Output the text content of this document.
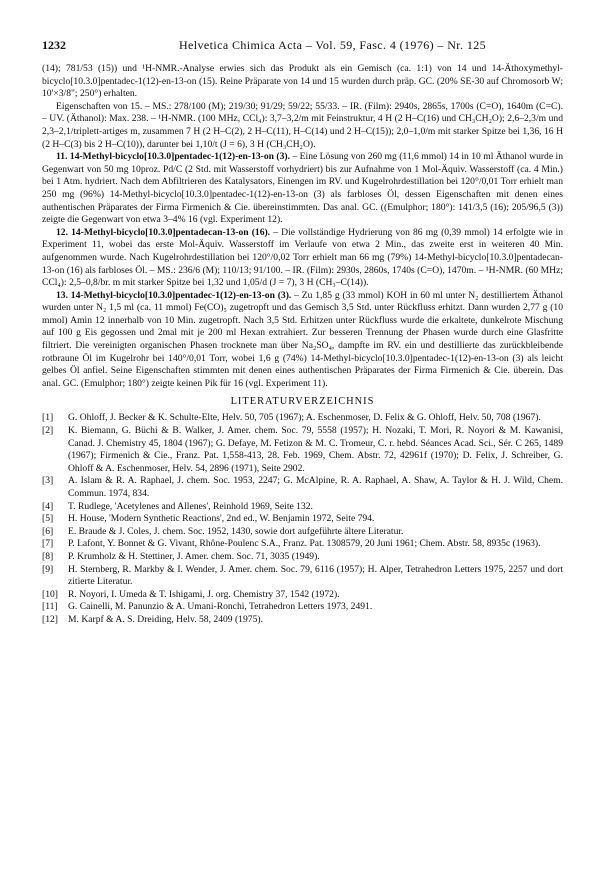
1232	Helvetica Chimica Acta – Vol. 59, Fasc. 4 (1976) – Nr. 125

(14); 781/53 (15)) und ¹H-NMR.-Analyse erwies sich das Produkt als ein Gemisch (ca. 1:1) von 14 und 14-Äthoxymethyl-bicyclo[10.3.0]pentadec-1(12)-en-13-on (15). Reine Präparate von 14 und 15 wurden durch präp. GC. (20% SE-30 auf Chromosorb W; 10'×3/8"; 250°) erhalten.

Eigenschaften von 15. – MS.: 278/100 (M); 219/30; 91/29; 59/22; 55/33. – IR. (Film): 2940s, 2865s, 1700s (C=O), 1640m (C=C). – UV. (Äthanol): Max. 238. – ¹H-NMR. (100 MHz, CCl₄): 3,7–3,2/m mit Feinstruktur, 4 H (2 H–C(16) und CH₃CH₂O); 2,6–2,3/m und 2,3–2,1/triplett-artiges m, zusammen 7 H (2 H–C(2), 2 H–C(11), H–C(14) und 2 H–C(15)); 2,0–1,0/m mit starker Spitze bei 1,36, 16 H (2 H–C(3) bis 2 H–C(10)), darunter bei 1,10/t (J = 6), 3 H (CH₃CH₂O).

11. 14-Methyl-bicyclo[10.3.0]pentadec-1(12)-en-13-on (3). – Eine Lösung von 260 mg (11,6 mmol) 14 in 10 ml Äthanol wurde in Gegenwart von 50 mg 10proz. Pd/C (2 Std. mit Wasserstoff vorhydriert) bis zur Aufnahme von 1 Mol-Äquiv. Wasserstoff (ca. 4 Min.) bei 1 Atm. hydriert. Nach dem Abfiltrieren des Katalysators, Einengen im RV. und Kugelrohrdestillation bei 120°/0,01 Torr erhielt man 250 mg (96%) 14-Methyl-bicyclo[10.3.0]pentadec-1(12)-en-13-on (3) als farbloses Öl, dessen Eigenschaften mit denen eines authentischen Präparates der Firma Firmenich & Cie. übereinstimmten. Das anal. GC. ((Emulphor; 180°): 141/3,5 (16); 205/96,5 (3)) zeigte die Gegenwart von etwa 3–4% 16 (vgl. Experiment 12).

12. 14-Methyl-bicyclo[10.3.0]pentadecan-13-on (16). – Die vollständige Hydrierung von 86 mg (0,39 mmol) 14 erfolgte wie in Experiment 11, wobei das erste Mol-Äquiv. Wasserstoff im Verlaufe von etwa 2 Min., das zweite erst in weiteren 40 Min. aufgenommen wurde. Nach Kugelrohrdestillation bei 120°/0,02 Torr erhielt man 66 mg (79%) 14-Methyl-bicyclo[10.3.0]pentadecan-13-on (16) als farbloses Öl. – MS.: 236/6 (M); 110/13; 91/100. – IR. (Film): 2930s, 2860s, 1740s (C=O), 1470m. – ¹H-NMR. (60 MHz; CCl₄): 2,5–0,8/br. m mit starker Spitze bei 1,32 und 1,05/d (J = 7), 3 H (CH₃–C(14)).

13. 14-Methyl-bicyclo[10.3.0]pentadec-1(12)-en-13-on (3). – Zu 1,85 g (33 mmol) KOH in 60 ml unter N₂ destilliertem Äthanol wurden unter N₂ 1,5 ml (ca. 11 mmol) Fe(CO)₅ zugetropft und das Gemisch 3,5 Std. unter Rückfluss erhitzt. Dann wurden 2,77 g (10 mmol) Amin 12 innerhalb von 10 Min. zugetropft. Nach 3,5 Std. Erhitzen unter Rückfluss wurde die erkaltete, dunkelrote Mischung auf 100 g Eis gegossen und 2mal mit je 200 ml Hexan extrahiert. Zur besseren Trennung der Phasen wurde durch eine Glasfritte filtriert. Die vereinigten organischen Phasen trocknete man über Na₂SO₄, dampfte im RV. ein und destillierte das zurückbleibende rotbraune Öl im Kugelrohr bei 140°/0,01 Torr, wobei 1,6 g (74%) 14-Methyl-bicyclo[10.3.0]pentadec-1(12)-en-13-on (3) als leicht gelbes Öl anfiel. Seine Eigenschaften stimmten mit denen eines authentischen Präparates der Firma Firmenich & Cie. überein. Das anal. GC. (Emulphor; 180°) zeigte keinen Pik für 16 (vgl. Experiment 11).

LITERATURVERZEICHNIS
[1] G. Ohloff, J. Becker & K. Schulte-Elte, Helv. 50, 705 (1967); A. Eschenmoser, D. Felix & G. Ohloff, Helv. 50, 708 (1967).
[2] K. Biemann, G. Büchi & B. Walker, J. Amer. chem. Soc. 79, 5558 (1957); H. Nozaki, T. Mori, R. Noyori & M. Kawanisi, Canad. J. Chemistry 45, 1804 (1967); G. Defaye, M. Fetizon & M. C. Tromeur, C. r. hebd. Séances Acad. Sci., Sér. C 265, 1489 (1967); Firmenich & Cie., Franz. Pat. 1,558-413, 28. Feb. 1969, Chem. Abstr. 72, 42961f (1970); D. Felix, J. Schreiber, G. Ohloff & A. Eschenmoser, Helv. 54, 2896 (1971), Seite 2902.
[3] A. Islam & R. A. Raphael, J. chem. Soc. 1953, 2247; G. McAlpine, R. A. Raphael, A. Shaw, A. Taylor & H. J. Wild, Chem. Commun. 1974, 834.
[4] T. Rudlege, 'Acetylenes and Allenes', Reinhold 1969, Seite 132.
[5] H. House, 'Modern Synthetic Reactions', 2nd ed., W. Benjamin 1972, Seite 794.
[6] E. Braude & J. Coles, J. chem. Soc. 1952, 1430, sowie dort aufgeführte ältere Literatur.
[7] P. Lafont, Y. Bonnet & G. Vivant, Rhône-Poulenc S.A., Franz. Pat. 1308579, 20 Juni 1961; Chem. Abstr. 58, 8935c (1963).
[8] P. Krumholz & H. Stettiner, J. Amer. chem. Soc. 71, 3035 (1949).
[9] H. Sternberg, R. Markby & I. Wender, J. Amer. chem. Soc. 79, 6116 (1957); H. Alper, Tetrahedron Letters 1975, 2257 und dort zitierte Literatur.
[10] R. Noyori, I. Umeda & T. Ishigami, J. org. Chemistry 37, 1542 (1972).
[11] G. Cainelli, M. Panunzio & A. Umani-Ronchi, Tetrahedron Letters 1973, 2491.
[12] M. Karpf & A. S. Dreiding, Helv. 58, 2409 (1975).
